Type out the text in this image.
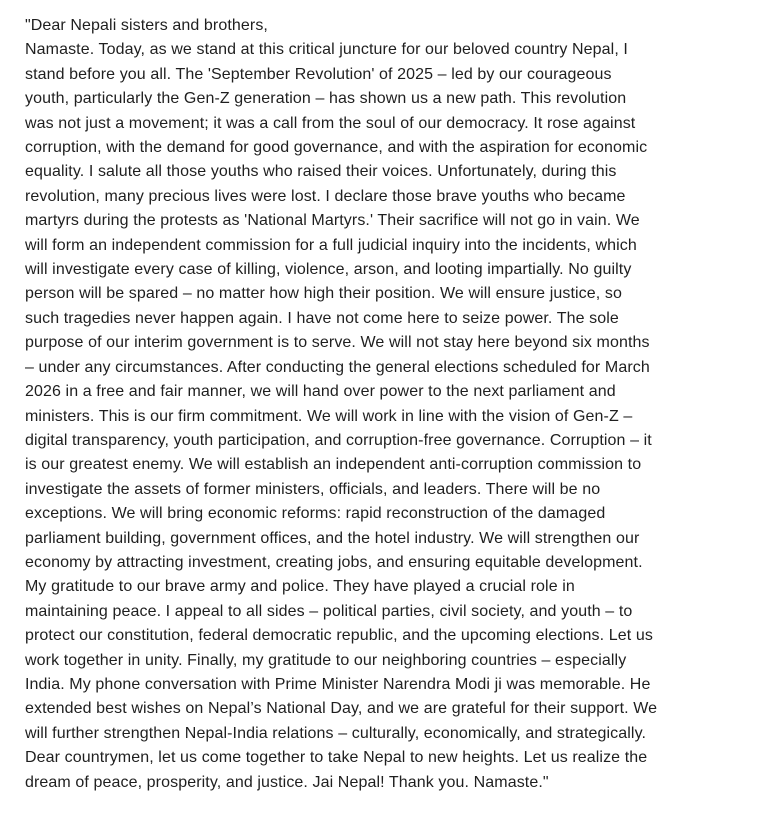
"Dear Nepali sisters and brothers,
Namaste. Today, as we stand at this critical juncture for our beloved country Nepal, I
stand before you all. The 'September Revolution' of 2025 – led by our courageous
youth, particularly the Gen-Z generation – has shown us a new path. This revolution
was not just a movement; it was a call from the soul of our democracy. It rose against
corruption, with the demand for good governance, and with the aspiration for economic
equality. I salute all those youths who raised their voices. Unfortunately, during this
revolution, many precious lives were lost. I declare those brave youths who became
martyrs during the protests as 'National Martyrs.' Their sacrifice will not go in vain. We
will form an independent commission for a full judicial inquiry into the incidents, which
will investigate every case of killing, violence, arson, and looting impartially. No guilty
person will be spared – no matter how high their position. We will ensure justice, so
such tragedies never happen again. I have not come here to seize power. The sole
purpose of our interim government is to serve. We will not stay here beyond six months
– under any circumstances. After conducting the general elections scheduled for March
2026 in a free and fair manner, we will hand over power to the next parliament and
ministers. This is our firm commitment. We will work in line with the vision of Gen-Z –
digital transparency, youth participation, and corruption-free governance. Corruption – it
is our greatest enemy. We will establish an independent anti-corruption commission to
investigate the assets of former ministers, officials, and leaders. There will be no
exceptions. We will bring economic reforms: rapid reconstruction of the damaged
parliament building, government offices, and the hotel industry. We will strengthen our
economy by attracting investment, creating jobs, and ensuring equitable development.
My gratitude to our brave army and police. They have played a crucial role in
maintaining peace. I appeal to all sides – political parties, civil society, and youth – to
protect our constitution, federal democratic republic, and the upcoming elections. Let us
work together in unity. Finally, my gratitude to our neighboring countries – especially
India. My phone conversation with Prime Minister Narendra Modi ji was memorable. He
extended best wishes on Nepal’s National Day, and we are grateful for their support. We
will further strengthen Nepal-India relations – culturally, economically, and strategically.
Dear countrymen, let us come together to take Nepal to new heights. Let us realize the
dream of peace, prosperity, and justice. Jai Nepal! Thank you. Namaste."
